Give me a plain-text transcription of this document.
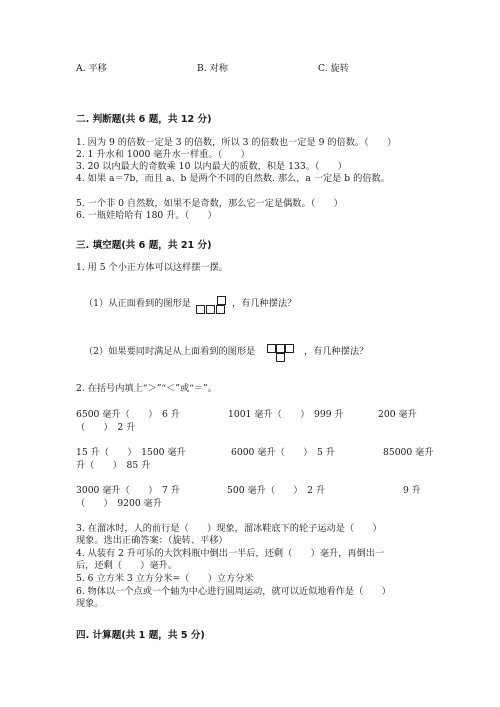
A. 平移	B. 对称	C. 旋转
二. 判断题(共 6 题，共 12 分)
1. 因为 9 的倍数一定是 3 的倍数，所以 3 的倍数也一定是 9 的倍数。（　　）
2. 1 升水和 1000 毫升水一样重。（　　）
3. 20 以内最大的奇数乘 10 以内最大的质数，积是 133。（　　）
4. 如果 a＝7b，而且 a、b 是两个不同的自然数. 那么，a 一定是 b 的倍数。
5. 一个非 0 自然数，如果不是奇数，那么它一定是偶数。（　　）
6. 一瓶娃哈哈有 180 升。（　　）
三. 填空题(共 6 题，共 21 分)
1. 用 5 个小正方体可以这样摆一摆。
（1）从正面看到的图形是	，有几种摆法？
（2）如果要同时满足从上面看到的图形是	，有几种摆法？
2. 在括号内填上“＞”“＜”或“＝”。
6500 毫升（　　）　6 升	1001 毫升（　　）　999 升	200 毫升
（　　）　2 升
15 升（　　）　1500 毫升	6000 毫升（　　）　5 升	85000 毫升
升（　　）　85 升
3000 毫升（　　）　7 升	500 毫升（　　）　2 升	9 升
（　　）　9200 毫升
3. 在溜冰时，人的前行是（　　）现象，溜冰鞋底下的轮子运动是（　　）
现象。选出正确答案：（旋转、平移）
4. 从装有 2 升可乐的大饮料瓶中倒出一半后，还剩（　　）毫升，再倒出一
后，还剩（　　）毫升。
5. 6 立方米 3 立方分米=（　　）立方分米
6. 物体以一个点或一个轴为中心进行圆周运动，就可以近似地看作是（　　）
现象。
四. 计算题(共 1 题，共 5 分)
